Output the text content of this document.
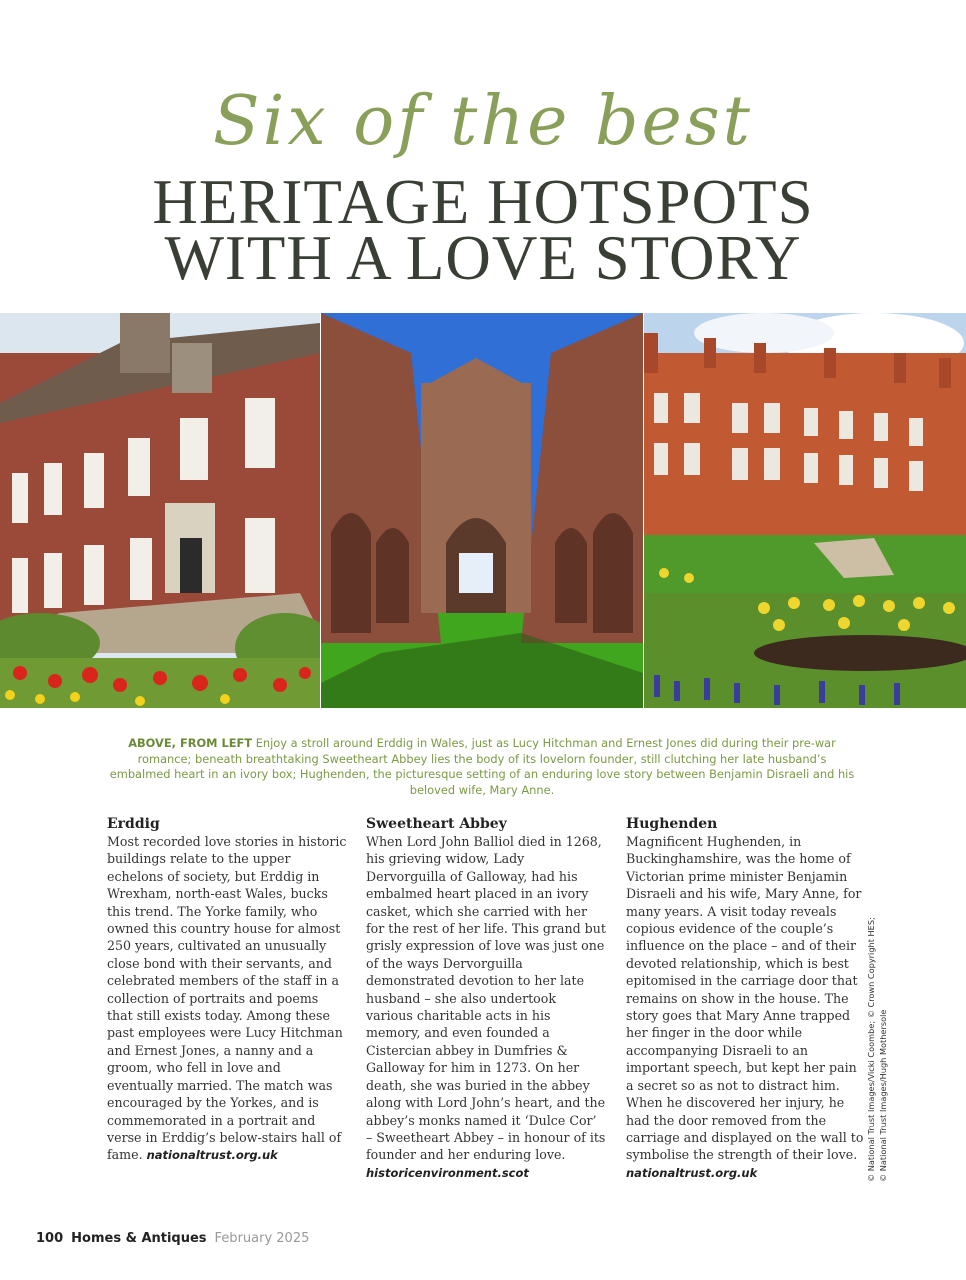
Six of the best
HERITAGE HOTSPOTS
WITH A LOVE STORY
ABOVE, FROM LEFT Enjoy a stroll around Erddig in Wales, just as Lucy Hitchman and Ernest Jones did during their pre-war romance; beneath breathtaking Sweetheart Abbey lies the body of its lovelorn founder, still clutching her late husband’s embalmed heart in an ivory box; Hughenden, the picturesque setting of an enduring love story between Benjamin Disraeli and his beloved wife, Mary Anne.
Erddig
Most recorded love stories in historic buildings relate to the upper echelons of society, but Erddig in Wrexham, north-east Wales, bucks this trend. The Yorke family, who owned this country house for almost 250 years, cultivated an unusually close bond with their servants, and celebrated members of the staff in a collection of portraits and poems that still exists today. Among these past employees were Lucy Hitchman and Ernest Jones, a nanny and a groom, who fell in love and eventually married. The match was encouraged by the Yorkes, and is commemorated in a portrait and verse in Erddig’s below-stairs hall of fame. nationaltrust.org.uk
Sweetheart Abbey
When Lord John Balliol died in 1268, his grieving widow, Lady Dervorguilla of Galloway, had his embalmed heart placed in an ivory casket, which she carried with her for the rest of her life. This grand but grisly expression of love was just one of the ways Dervorguilla demonstrated devotion to her late husband – she also undertook various charitable acts in his memory, and even founded a Cistercian abbey in Dumfries & Galloway for him in 1273. On her death, she was buried in the abbey along with Lord John’s heart, and the abbey’s monks named it ‘Dulce Cor’ – Sweetheart Abbey – in honour of its founder and her enduring love. historicenvironment.scot
Hughenden
Magnificent Hughenden, in Buckinghamshire, was the home of Victorian prime minister Benjamin Disraeli and his wife, Mary Anne, for many years. A visit today reveals copious evidence of the couple’s influence on the place – and of their devoted relationship, which is best epitomised in the carriage door that remains on show in the house. The story goes that Mary Anne trapped her finger in the door while accompanying Disraeli to an important speech, but kept her pain a secret so as not to distract him. When he discovered her injury, he had the door removed from the carriage and displayed on the wall to symbolise the strength of their love. nationaltrust.org.uk	© National Trust Images/Vicki Coombe; © Crown Copyright HES; © National Trust Images/Hugh Mothersole
100 Homes & Antiques February 2025
